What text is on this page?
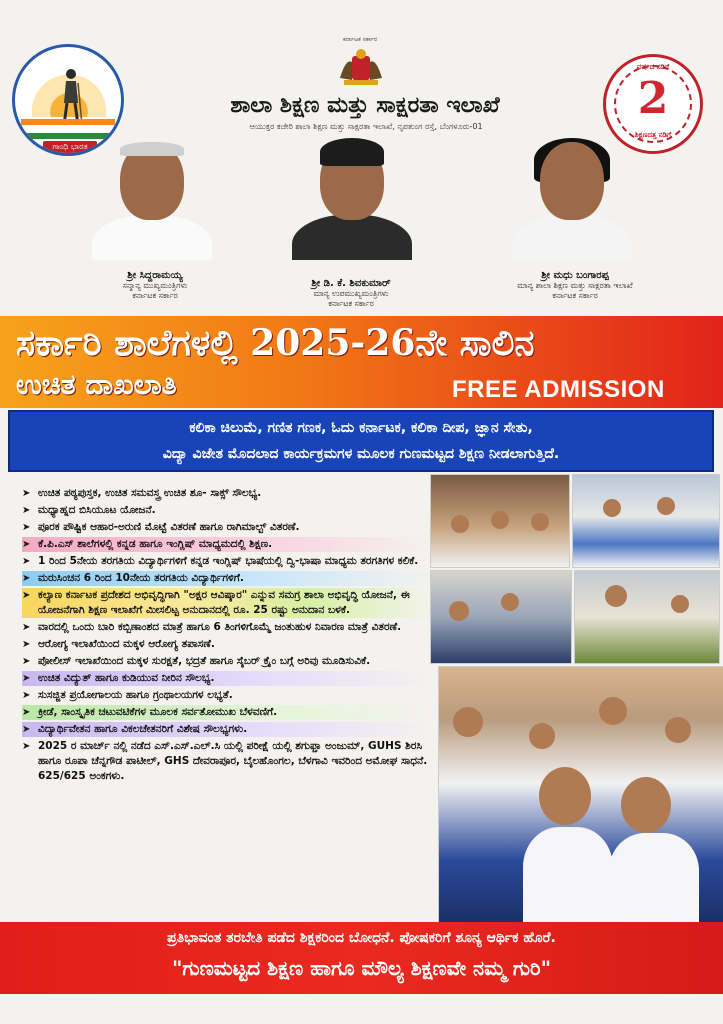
ಗಾಂಧಿ ಭಾರತ
ಕರ್ನಾಟಕ ಸರ್ಕಾರ
ಶಾಲಾ ಶಿಕ್ಷಣ ಮತ್ತು ಸಾಕ್ಷರತಾ ಇಲಾಖೆ
ಆಯುಕ್ತರ ಕಚೇರಿ ಶಾಲಾ ಶಿಕ್ಷಣ ಮತ್ತು ಸಾಕ್ಷರತಾ ಇಲಾಖೆ, ನೃಪತುಂಗ ರಸ್ತೆ, ಬೆಂಗಳೂರು-01
ವರ್ಷದ ನಡಿಗೆ
2
ಶಿಕ್ಷಣದತ್ತ ನಡಿಗೆ
ಶ್ರೀ ಸಿದ್ದರಾಮಯ್ಯ
ಸನ್ಮಾನ್ಯ ಮುಖ್ಯಮಂತ್ರಿಗಳು
ಕರ್ನಾಟಕ ಸರ್ಕಾರ
ಶ್ರೀ ಡಿ. ಕೆ. ಶಿವಕುಮಾರ್
ಮಾನ್ಯ ಉಪಮುಖ್ಯಮಂತ್ರಿಗಳು
ಕರ್ನಾಟಕ ಸರ್ಕಾರ
ಶ್ರೀ ಮಧು ಬಂಗಾರಪ್ಪ
ಮಾನ್ಯ ಶಾಲಾ ಶಿಕ್ಷಣ ಮತ್ತು ಸಾಕ್ಷರತಾ ಇಲಾಖೆ
ಕರ್ನಾಟಕ ಸರ್ಕಾರ
ಸರ್ಕಾರಿ ಶಾಲೆಗಳಲ್ಲಿ 2025-26ನೇ ಸಾಲಿನ
ಉಚಿತ ದಾಖಲಾತಿ	FREE ADMISSION

ಕಲಿಕಾ ಚಿಲುಮೆ, ಗಣಿತ ಗಣಕ, ಓದು ಕರ್ನಾಟಕ, ಕಲಿಕಾ ದೀಪ, ಜ್ಞಾನ ಸೇತು,

ವಿದ್ಯಾ ವಿಜೇತ ಮೊದಲಾದ ಕಾರ್ಯಕ್ರಮಗಳ ಮೂಲಕ ಗುಣಮಟ್ಟದ ಶಿಕ್ಷಣ ನೀಡಲಾಗುತ್ತಿದೆ.

➤ ಉಚಿತ ಪಠ್ಯಪುಸ್ತಕ, ಉಚಿತ ಸಮವಸ್ತ್ರ ಉಚಿತ ಶೂ- ಸಾಕ್ಸ್ ಸೌಲಭ್ಯ.
➤ ಮಧ್ಯಾಹ್ನದ ಬಿಸಿಯೂಟ ಯೋಜನೆ.
➤ ಪೂರಕ ಪೌಷ್ಟಿಕ ಆಹಾರ-ಅರುಣಿ ಮೊಟ್ಟೆ ವಿತರಣೆ ಹಾಗೂ ರಾಗಿಮಾಲ್ಟ್ ವಿತರಣೆ.
➤ ಕೆ.ಪಿ.ಎಸ್ ಶಾಲೆಗಳಲ್ಲಿ ಕನ್ನಡ ಹಾಗೂ ಇಂಗ್ಲಿಷ್ ಮಾಧ್ಯಮದಲ್ಲಿ ಶಿಕ್ಷಣ.
➤ 1 ರಿಂದ 5ನೇಯ ತರಗತಿಯ ವಿದ್ಯಾರ್ಥಿಗಳಿಗೆ ಕನ್ನಡ ಇಂಗ್ಲಿಷ್ ಭಾಷೆಯಲ್ಲಿ ದ್ವಿ-ಭಾಷಾ ಮಾಧ್ಯಮ ತರಗತಿಗಳ ಕಲಿಕೆ.
➤ ಮರುಸಿಂಚನ 6 ರಿಂದ 10ನೇಯ ತರಗತಿಯ ವಿದ್ಯಾರ್ಥಿಗಳಿಗೆ.
➤ ಕಲ್ಯಾಣ ಕರ್ನಾಟಕ ಪ್ರದೇಶದ ಅಭಿವೃದ್ಧಿಗಾಗಿ "ಅಕ್ಷರ ಆವಿಷ್ಕಾರ" ಎನ್ನುವ ಸಮಗ್ರ ಶಾಲಾ ಅಭಿವೃದ್ಧಿ ಯೋಜನೆ, ಈ ಯೋಜನೆಗಾಗಿ ಶಿಕ್ಷಣ ಇಲಾಖೆಗೆ ಮೀಸಲಿಟ್ಟ ಅನುದಾನದಲ್ಲಿ ರೂ. 25 ರಷ್ಟು ಅನುದಾನ ಬಳಕೆ.
➤ ವಾರದಲ್ಲಿ ಒಂದು ಬಾರಿ ಕಬ್ಬಿಣಾಂಶದ ಮಾತ್ರೆ ಹಾಗೂ 6 ತಿಂಗಳಿಗೊಮ್ಮೆ ಜಂತುಹುಳ ನಿವಾರಣ ಮಾತ್ರೆ ವಿತರಣೆ.
➤ ಆರೋಗ್ಯ ಇಲಾಖೆಯಿಂದ ಮಕ್ಕಳ ಆರೋಗ್ಯ ತಪಾಸಣೆ.
➤ ಪೋಲೀಸ್ ಇಲಾಖೆಯಿಂದ ಮಕ್ಕಳ ಸುರಕ್ಷತೆ, ಭದ್ರತೆ ಹಾಗೂ ಸೈಬರ್ ಕ್ರೈಂ ಬಗ್ಗೆ ಅರಿವು ಮೂಡಿಸುವಿಕೆ.
➤ ಉಚಿತ ವಿದ್ಯುತ್ ಹಾಗೂ ಕುಡಿಯುವ ನೀರಿನ ಸೌಲಭ್ಯ.
➤ ಸುಸಜ್ಜಿತ ಪ್ರಯೋಗಾಲಯ ಹಾಗೂ ಗ್ರಂಥಾಲಯಗಳ ಲಭ್ಯತೆ.
➤ ಕ್ರೀಡೆ, ಸಾಂಸ್ಕೃತಿಕ ಚಟುವಟಿಕೆಗಳ ಮೂಲಕ ಸರ್ವತೋಮುಖ ಬೆಳವಣಿಗೆ.
➤ ವಿದ್ಯಾರ್ಥಿವೇತನ ಹಾಗೂ ವಿಕಲಚೇತನರಿಗೆ ವಿಶೇಷ ಸೌಲಭ್ಯಗಳು.
➤ 2025 ರ ಮಾರ್ಚ್ ನಲ್ಲಿ ನಡೆದ ಎಸ್.ಎಸ್.ಎಲ್.ಸಿ ಯಲ್ಲಿ ಪರೀಕ್ಷೆ ಯಲ್ಲಿ ಶಗುಫ್ತಾ ಅಂಜುಮ್, GUHS ಶಿರಸಿ ಹಾಗೂ ರೂಪಾ ಚೆನ್ನಗೌಡ ಪಾಟೀಲ್, GHS ದೇವರಾಪೂರ, ಬೈಲಹೊಂಗಲ, ಬೆಳಗಾವಿ ಇವರಿಂದ ಅಮೋಘ ಸಾಧನೆ. 625/625 ಅಂಕಗಳು.
ಪ್ರತಿಭಾವಂತ ತರಬೇತಿ ಪಡೆದ ಶಿಕ್ಷಕರಿಂದ ಬೋಧನೆ. ಪೋಷಕರಿಗೆ ಶೂನ್ಯ ಆರ್ಥಿಕ ಹೊರೆ.
"ಗುಣಮಟ್ಟದ ಶಿಕ್ಷಣ ಹಾಗೂ ಮೌಲ್ಯ ಶಿಕ್ಷಣವೇ ನಮ್ಮ ಗುರಿ"
